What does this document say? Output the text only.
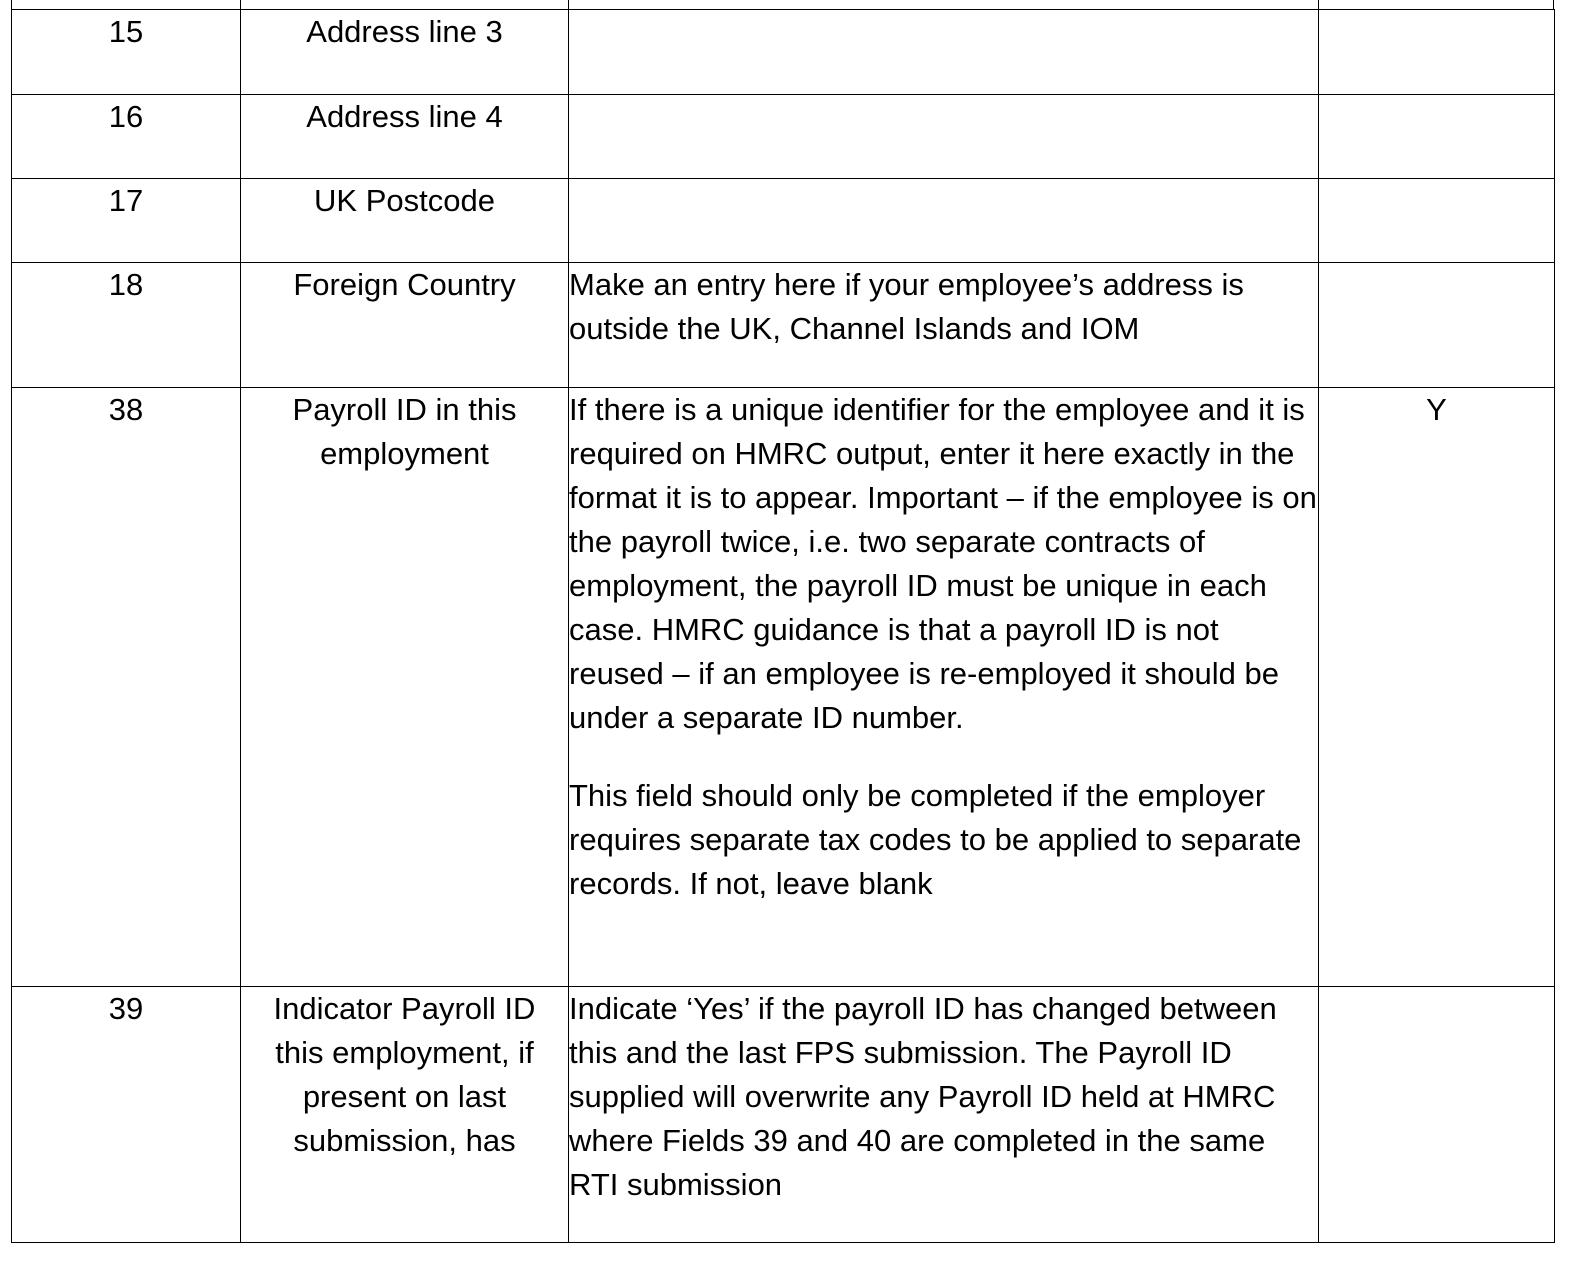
15	Address line 3		

16	Address line 4		

17	UK Postcode		

18	Foreign Country	Make an entry here if your employee’s address is outside the UK, Channel Islands and IOM	

38	Payroll ID in this employment	If there is a unique identifier for the employee and it is required on HMRC output, enter it here exactly in the format it is to appear. Important – if the employee is on the payroll twice, i.e. two separate contracts of employment, the payroll ID must be unique in each case. HMRC guidance is that a payroll ID is not reused – if an employee is re-employed it should be under a separate ID number.
This field should only be completed if the employer requires separate tax codes to be applied to separate records. If not, leave blank	Y

39	Indicator Payroll ID this employment, if present on last submission, has	Indicate ‘Yes’ if the payroll ID has changed between this and the last FPS submission. The Payroll ID supplied will overwrite any Payroll ID held at HMRC where Fields 39 and 40 are completed in the same RTI submission	
